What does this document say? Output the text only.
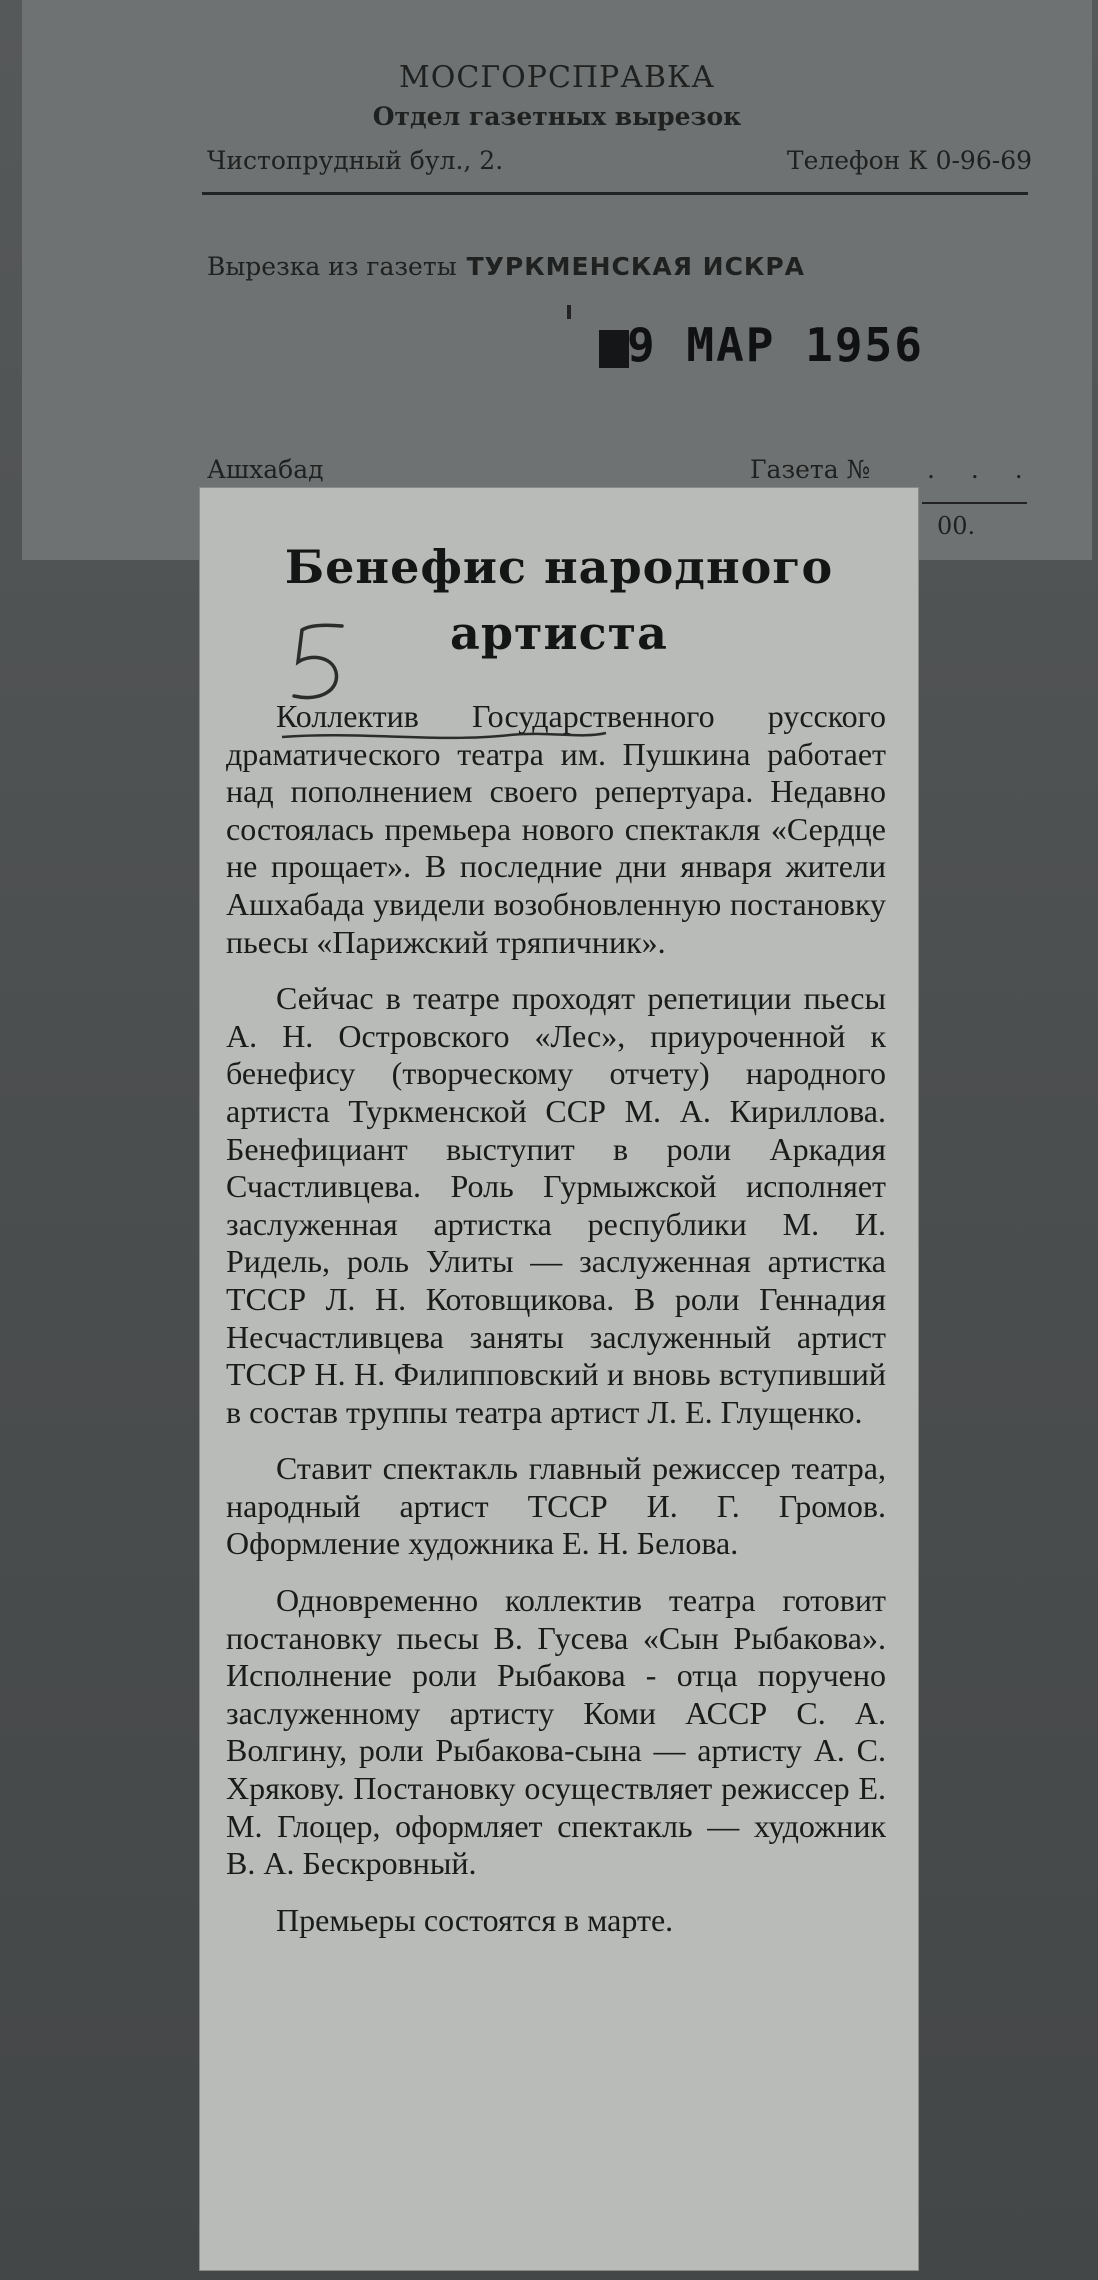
МОСГОРСПРАВКА
Отдел газетных вырезок
Чистопрудный бул., 2.	Телефон К 0-96-69
Вырезка из газеты ТУРКМЕНСКАЯ ИСКРА
9 МАР 1956
Ашхабад	Газета № . . .
00.
Бенефис народного артиста

Коллектив Государственного русского драматического театра им. Пушкина работает над пополнением своего репертуара. Недавно состоялась премьера нового спектакля «Сердце не прощает». В последние дни января жители Ашхабада увидели возобновленную постановку пьесы «Парижский тряпичник».

Сейчас в театре проходят репетиции пьесы А. Н. Островского «Лес», приуроченной к бенефису (творческому отчету) народного артиста Туркменской ССР М. А. Кириллова. Бенефициант выступит в роли Аркадия Счастливцева. Роль Гурмыжской исполняет заслуженная артистка республики М. И. Ридель, роль Улиты — заслуженная артистка ТССР Л. Н. Котовщикова. В роли Геннадия Несчастливцева заняты заслуженный артист ТССР Н. Н. Филипповский и вновь вступивший в состав труппы театра артист Л. Е. Глущенко.

Ставит спектакль главный режиссер театра, народный артист ТССР И. Г. Громов. Оформление художника Е. Н. Белова.

Одновременно коллектив театра готовит постановку пьесы В. Гусева «Сын Рыбакова». Исполнение роли Рыбакова - отца поручено заслуженному артисту Коми АССР С. А. Волгину, роли Рыбакова-сына — артисту А. С. Хрякову. Постановку осуществляет режиссер Е. М. Глоцер, оформляет спектакль — художник В. А. Бескровный.

Премьеры состоятся в марте.
